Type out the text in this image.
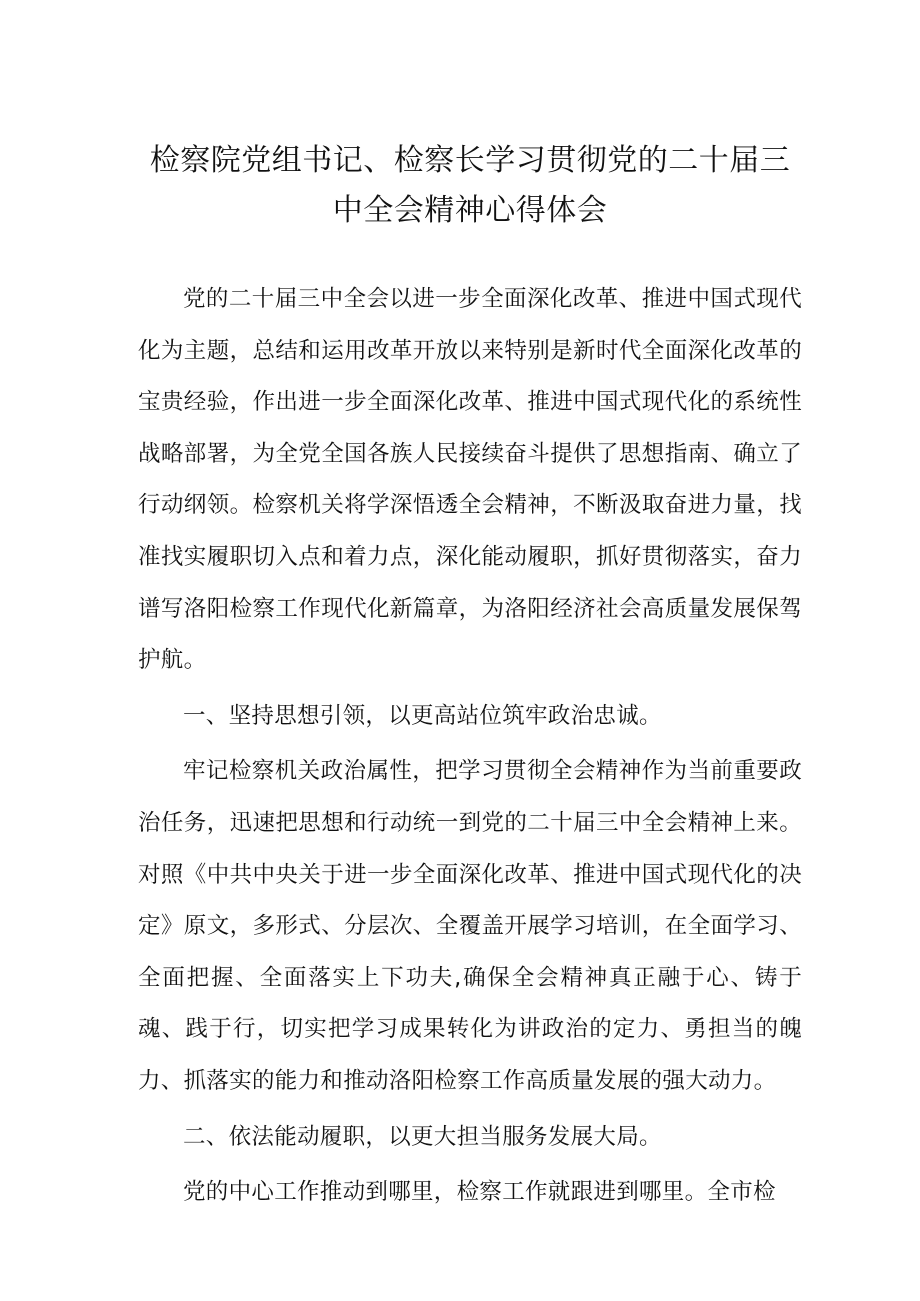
检察院党组书记、检察长学习贯彻党的二十届三
中全会精神心得体会

党的二十届三中全会以进一步全面深化改革、推进中国式现代化为主题，总结和运用改革开放以来特别是新时代全面深化改革的宝贵经验，作出进一步全面深化改革、推进中国式现代化的系统性战略部署，为全党全国各族人民接续奋斗提供了思想指南、确立了行动纲领。检察机关将学深悟透全会精神，不断汲取奋进力量，找准找实履职切入点和着力点，深化能动履职，抓好贯彻落实，奋力谱写洛阳检察工作现代化新篇章，为洛阳经济社会高质量发展保驾护航。

一、坚持思想引领，以更高站位筑牢政治忠诚。

牢记检察机关政治属性，把学习贯彻全会精神作为当前重要政治任务，迅速把思想和行动统一到党的二十届三中全会精神上来。对照《中共中央关于进一步全面深化改革、推进中国式现代化的决定》原文，多形式、分层次、全覆盖开展学习培训，在全面学习、全面把握、全面落实上下功夫,确保全会精神真正融于心、铸于魂、践于行，切实把学习成果转化为讲政治的定力、勇担当的魄力、抓落实的能力和推动洛阳检察工作高质量发展的强大动力。

二、依法能动履职，以更大担当服务发展大局。

党的中心工作推动到哪里，检察工作就跟进到哪里。全市检
